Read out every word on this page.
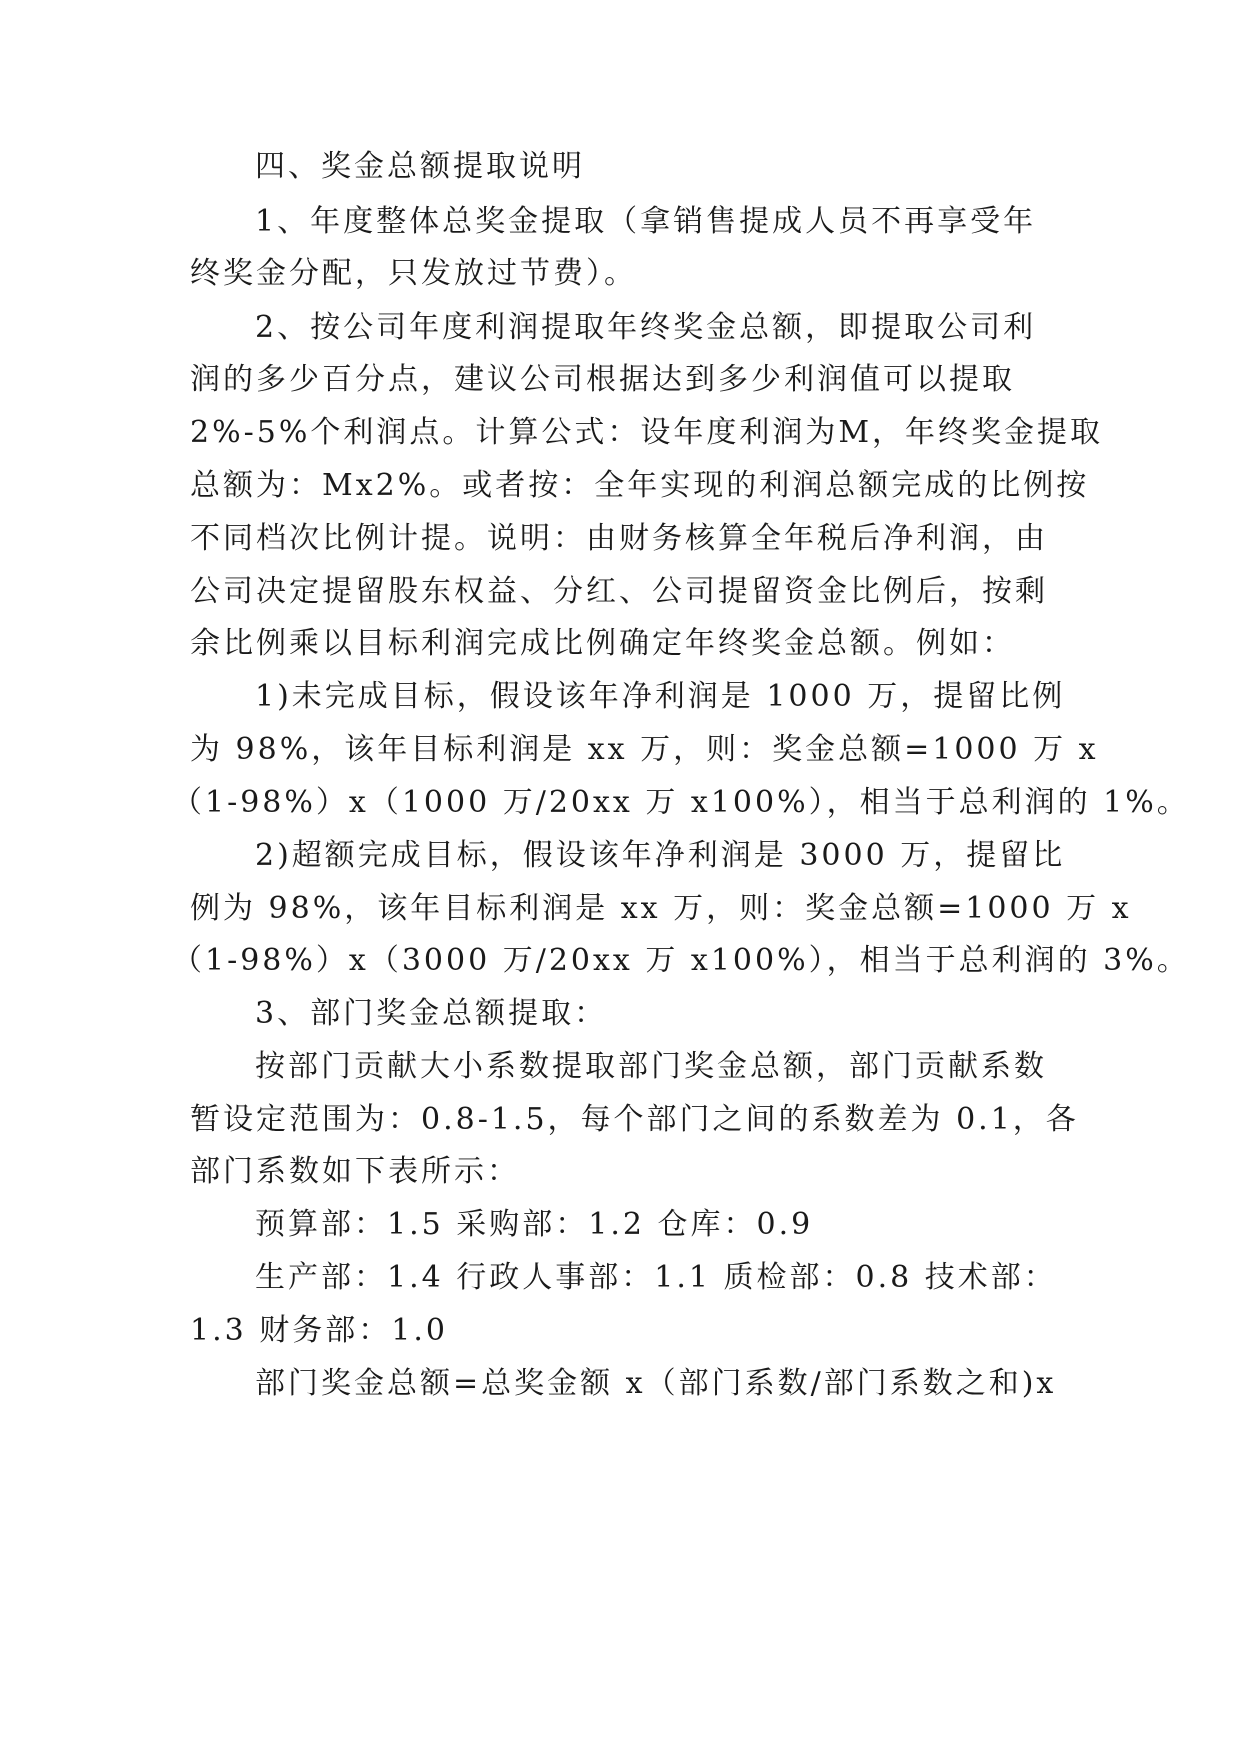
四、奖金总额提取说明
1、年度整体总奖金提取（拿销售提成人员不再享受年
终奖金分配，只发放过节费）。
2、按公司年度利润提取年终奖金总额，即提取公司利
润的多少百分点，建议公司根据达到多少利润值可以提取
2%-5%个利润点。计算公式：设年度利润为M，年终奖金提取
总额为：Mx2%。或者按：全年实现的利润总额完成的比例按
不同档次比例计提。说明：由财务核算全年税后净利润，由
公司决定提留股东权益、分红、公司提留资金比例后，按剩
余比例乘以目标利润完成比例确定年终奖金总额。例如：
1)未完成目标，假设该年净利润是 1000 万，提留比例
为 98%，该年目标利润是 xx 万，则：奖金总额=1000 万 x
（1-98%）x（1000 万/20xx 万 x100%），相当于总利润的 1%。
2)超额完成目标，假设该年净利润是 3000 万，提留比
例为 98%，该年目标利润是 xx 万，则：奖金总额=1000 万 x
（1-98%）x（3000 万/20xx 万 x100%），相当于总利润的 3%。
3、部门奖金总额提取：
按部门贡献大小系数提取部门奖金总额，部门贡献系数
暂设定范围为：0.8-1.5，每个部门之间的系数差为 0.1，各
部门系数如下表所示：
预算部：1.5 采购部：1.2 仓库：0.9
生产部：1.4 行政人事部：1.1 质检部：0.8 技术部：
1.3 财务部：1.0
部门奖金总额=总奖金额 x（部门系数/部门系数之和)x
